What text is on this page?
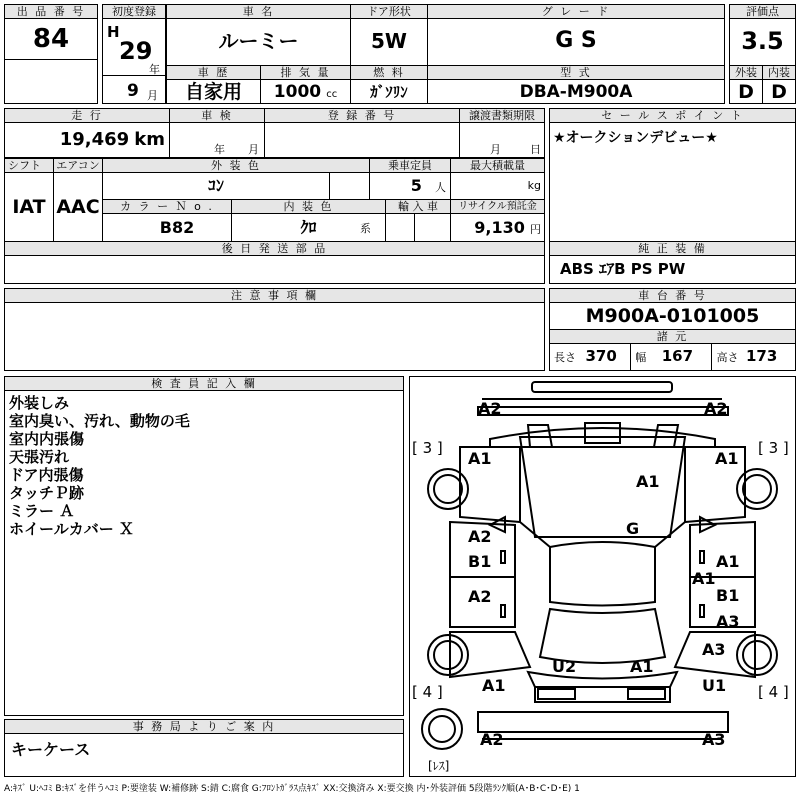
出 品 番 号
84
初度登録
H
29
年
9 月
車 名
ルーミー
ドア形状
5W
グ レ ー ド
G S
評価点
3.5
車 歴
自家用
排 気 量
1000 cc
燃 料
ｶﾞｿﾘﾝ
型 式
DBA-M900A
外装
D
内装
D
走 行
19,469 km
車 検
年 月
登 録 番 号	譲渡書類期限
月	日
シフト
IAT
エアコン
AAC
外 装 色
ｺﾝ
乗車定員
5 人
最大積載量
kg
カ ラ ー Ｎ o .
B82
内 装 色
ｸﾛ	系
輸 入 車	リサイクル預託金
9,130 円
後 日 発 送 部 品
セ ー ル ス ポ イ ン ト
★オークションデビュー★
純 正 装 備
ABS ｴｱB PS PW
注 意 事 項 欄	車 台 番 号
M900A-0101005
諸 元
長さ 370	幅 167	高さ 173
検 査 員 記 入 欄
外装しみ
室内臭い、汚れ、動物の毛
室内内張傷
天張汚れ
ドア内張傷
タッチＰ跡
ミラー Ａ
ホイールカバー Ｘ
事 務 局 よ り ご 案 内
キーケース
[ 3 ]	[ 3 ]
[ 4 ]	[ 4 ]
[ﾚｽ]
A2	A2
A1	A1
A1
G
A2
B1	A1
A1
A2	B1
A3
A3
U2	A1
A1	U1
A2	A3
A:ｷｽﾞ U:ﾍｺﾐ B:ｷｽﾞを伴うﾍｺﾐ P:要塗装 W:補修跡 S:錆 C:腐食 G:ﾌﾛﾝﾄｶﾞﾗｽ点ｷｽﾞ XX:交換済み X:要交換 内･外装評価 5段階ﾗﾝｸ順(A･B･C･D･E) 1
